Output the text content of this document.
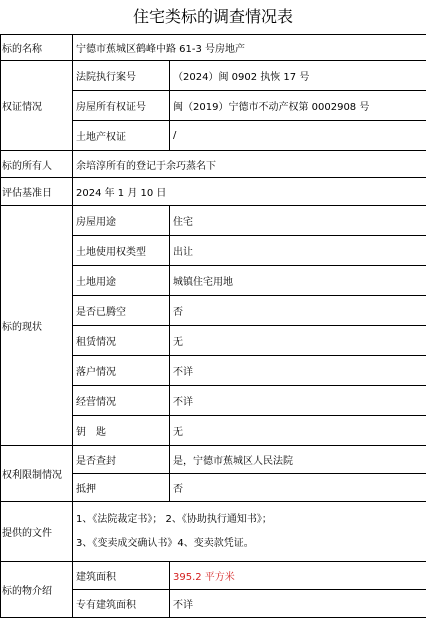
住宅类标的调查情况表
标的名称	宁德市蕉城区鹤峰中路 61-3 号房地产	
权证情况	法院执行案号	（2024）闽 0902 执恢 17 号
	房屋所有权证号	闽（2019）宁德市不动产权第 0002908 号
	土地产权证	/
标的所有人	余培淳所有的登记于余巧蒸名下	
评估基准日	2024 年 1 月 10 日	
标的现状	房屋用途	住宅
	土地使用权类型	出让
	土地用途	城镇住宅用地
	是否已腾空	否
	租赁情况	无
	落户情况	不详
	经营情况	不详
	钥　匙	无
权利限制情况	是否查封	是，宁德市蕉城区人民法院
	抵押	否
提供的文件	1、《法院裁定书》； 2、《协助执行通知书》；
3、《变卖成交确认书》4、变卖款凭证。	

标的物介绍	建筑面积	395.2 平方米
	专有建筑面积	不详
